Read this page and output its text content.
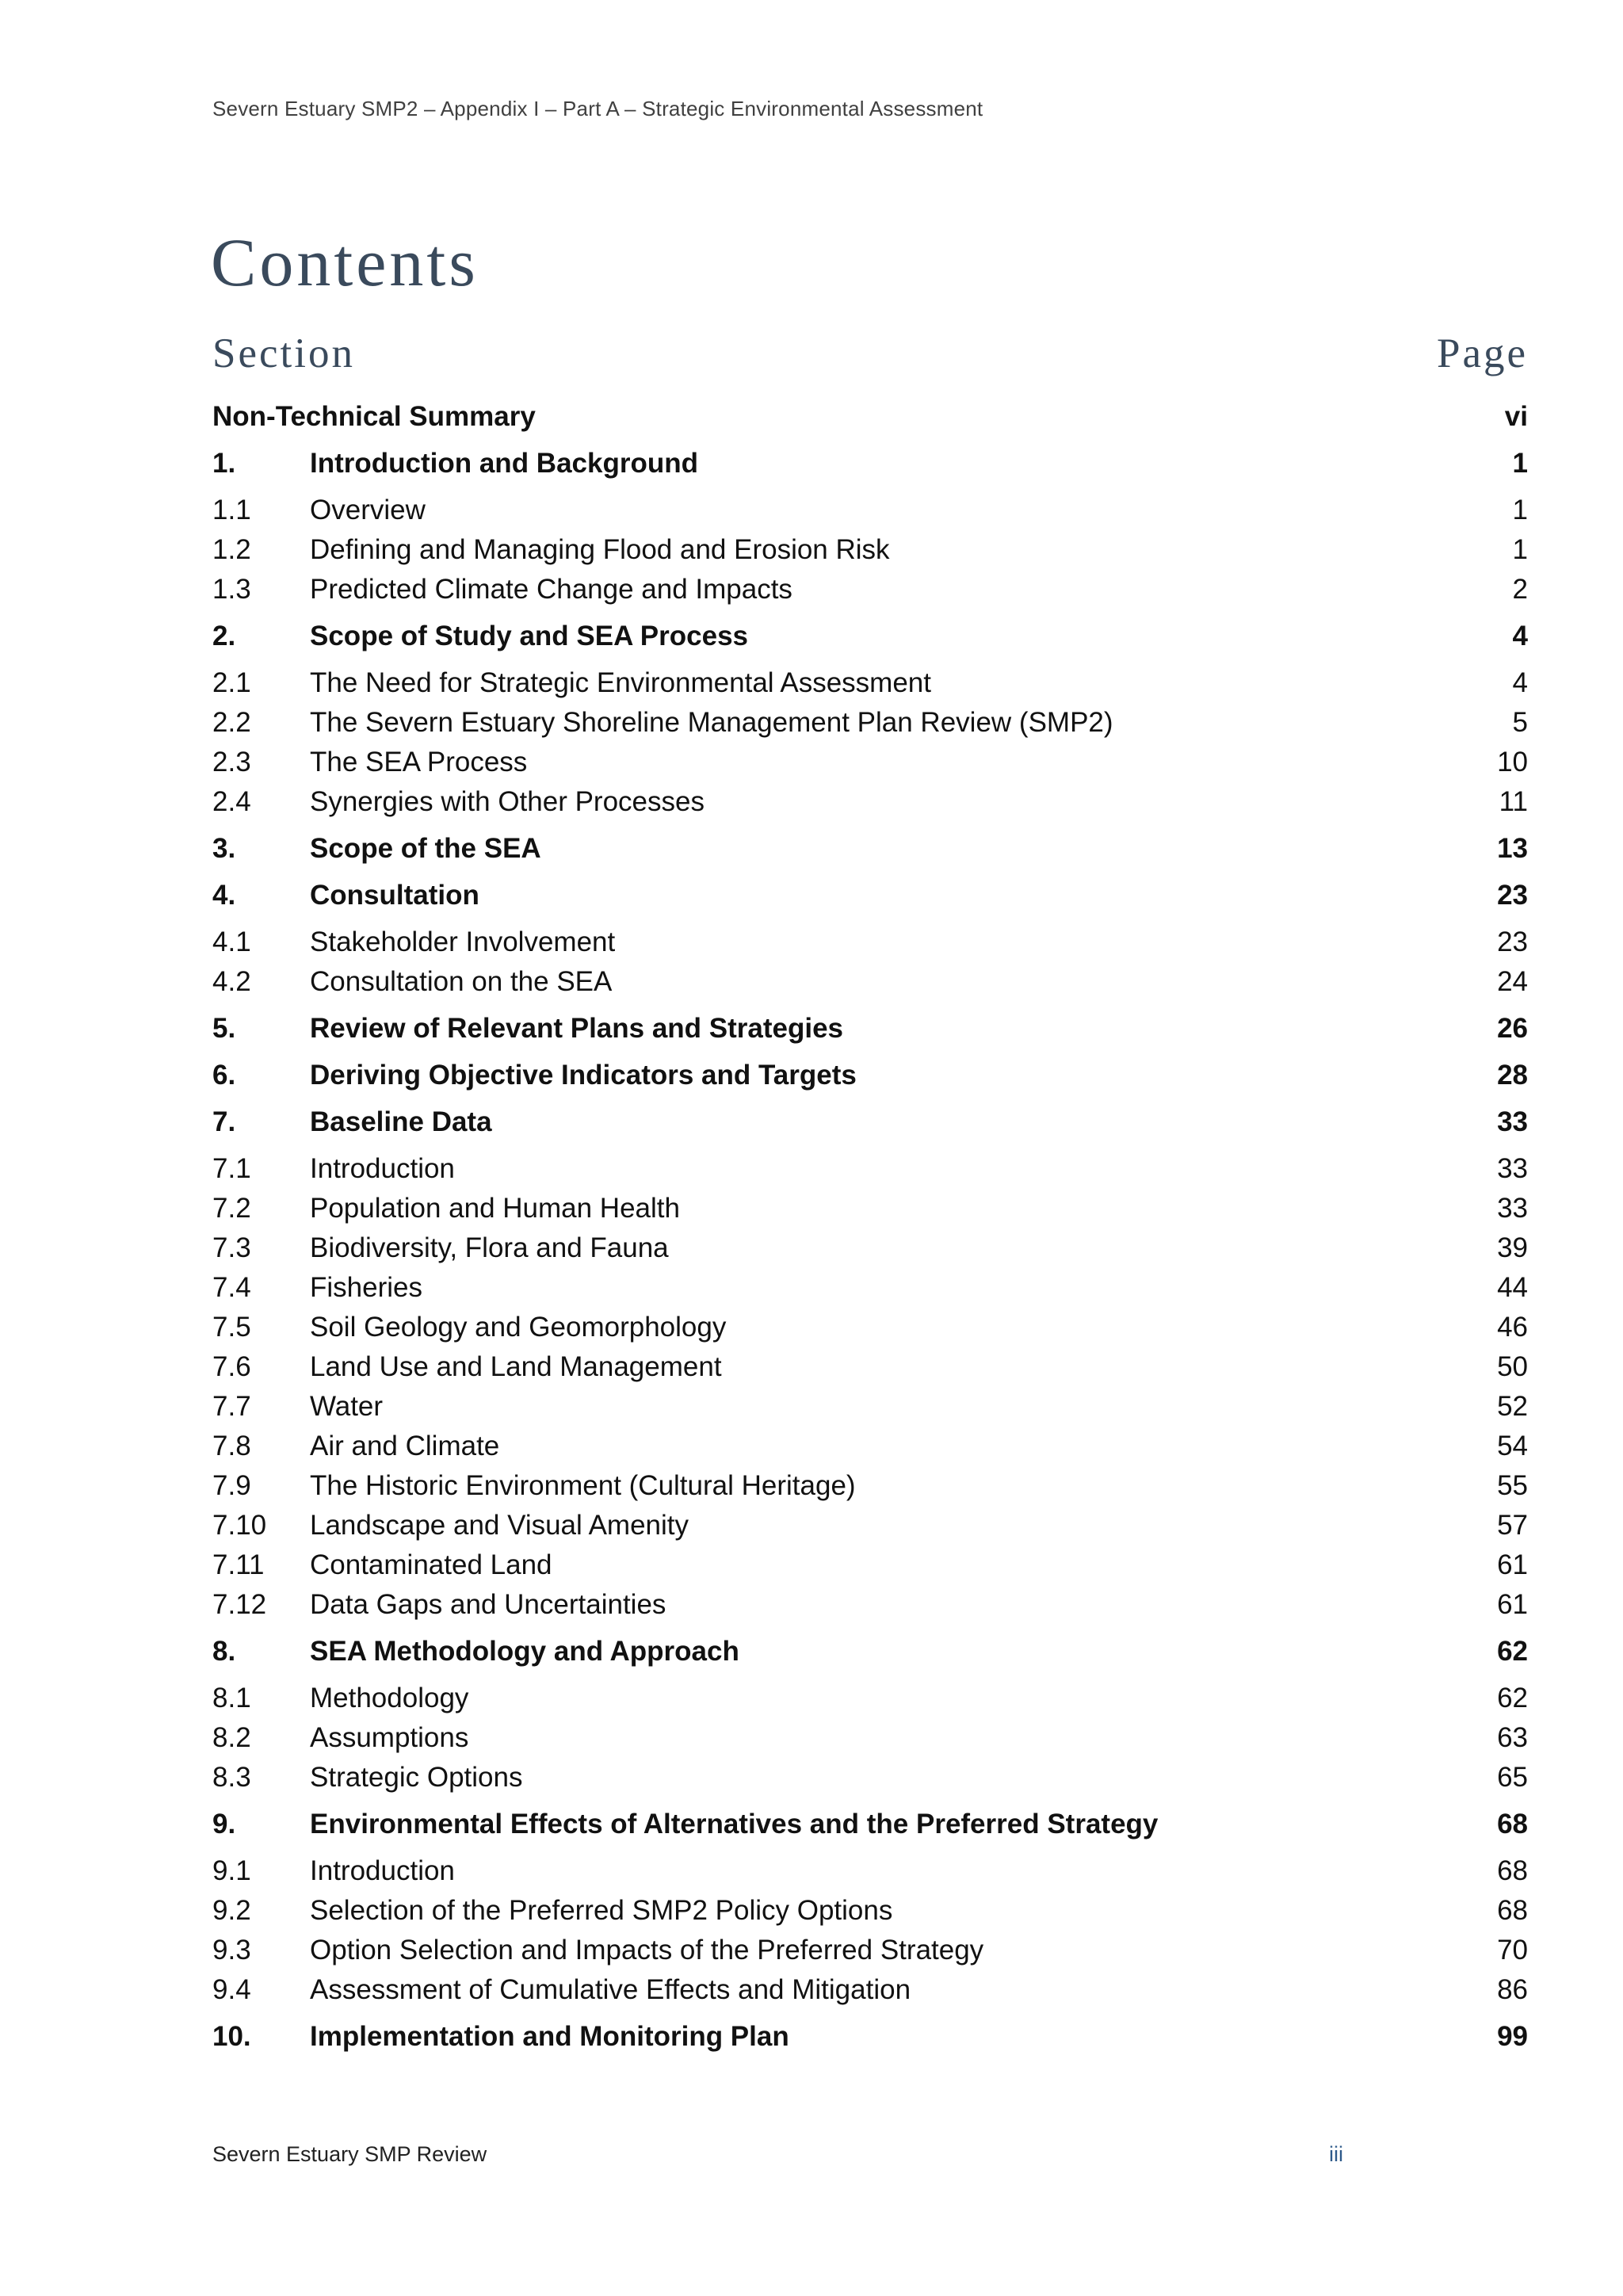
Severn Estuary SMP2 – Appendix I – Part A – Strategic Environmental Assessment
Contents
Section	Page
Non-Technical Summary	vi
1.	Introduction and Background	1
1.1 Overview	1
1.2 Defining and Managing Flood and Erosion Risk	1
1.3 Predicted Climate Change and Impacts	2
2.	Scope of Study and SEA Process	4
2.1 The Need for Strategic Environmental Assessment	4
2.2 The Severn Estuary Shoreline Management Plan Review (SMP2)	5
2.3 The SEA Process	10
2.4 Synergies with Other Processes	11
3.	Scope of the SEA	13
4.	Consultation	23
4.1 Stakeholder Involvement	23
4.2 Consultation on the SEA	24
5.	Review of Relevant Plans and Strategies	26
6.	Deriving Objective Indicators and Targets	28
7.	Baseline Data	33
7.1 Introduction	33
7.2 Population and Human Health	33
7.3 Biodiversity, Flora and Fauna	39
7.4 Fisheries	44
7.5 Soil Geology and Geomorphology	46
7.6 Land Use and Land Management	50
7.7 Water	52
7.8 Air and Climate	54
7.9 The Historic Environment (Cultural Heritage)	55
7.10 Landscape and Visual Amenity	57
7.11 Contaminated Land	61
7.12 Data Gaps and Uncertainties	61
8.	SEA Methodology and Approach	62
8.1 Methodology	62
8.2 Assumptions	63
8.3 Strategic Options	65
9.	Environmental Effects of Alternatives and the Preferred Strategy	68
9.1 Introduction	68
9.2 Selection of the Preferred SMP2 Policy Options	68
9.3 Option Selection and Impacts of the Preferred Strategy	70
9.4 Assessment of Cumulative Effects and Mitigation	86
10. Implementation and Monitoring Plan	99
Severn Estuary SMP Review	iii
